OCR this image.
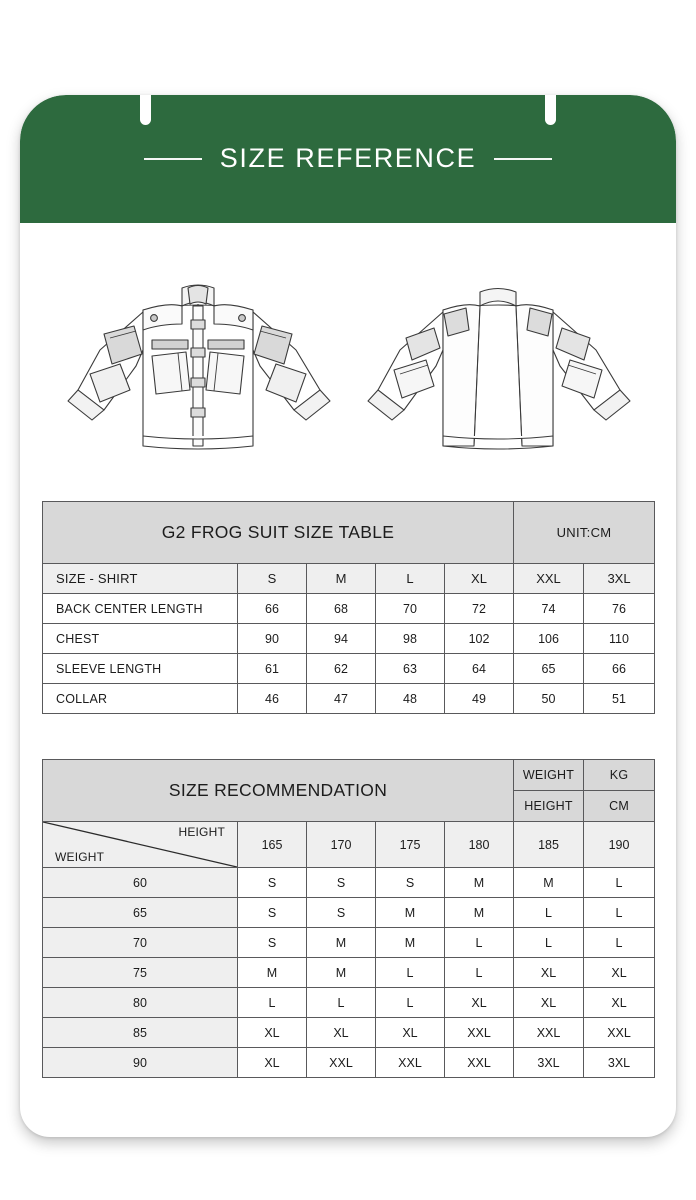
SIZE REFERENCE
G2 FROG SUIT SIZE TABLE					UNIT:CM	
SIZE - SHIRT	S	M	L	XL	XXL	3XL
BACK CENTER LENGTH	66	68	70	72	74	76
CHEST	90	94	98	102	106	110
SLEEVE LENGTH	61	62	63	64	65	66
COLLAR	46	47	48	49	50	51
SIZE RECOMMENDATION					WEIGHT	KG
					HEIGHT	CM

HEIGHT
WEIGHT	165	170	175	180	185	190
60	S	S	S	M	M	L
65	S	S	M	M	L	L
70	S	M	M	L	L	L
75	M	M	L	L	XL	XL
80	L	L	L	XL	XL	XL
85	XL	XL	XL	XXL	XXL	XXL
90	XL	XXL	XXL	XXL	3XL	3XL
